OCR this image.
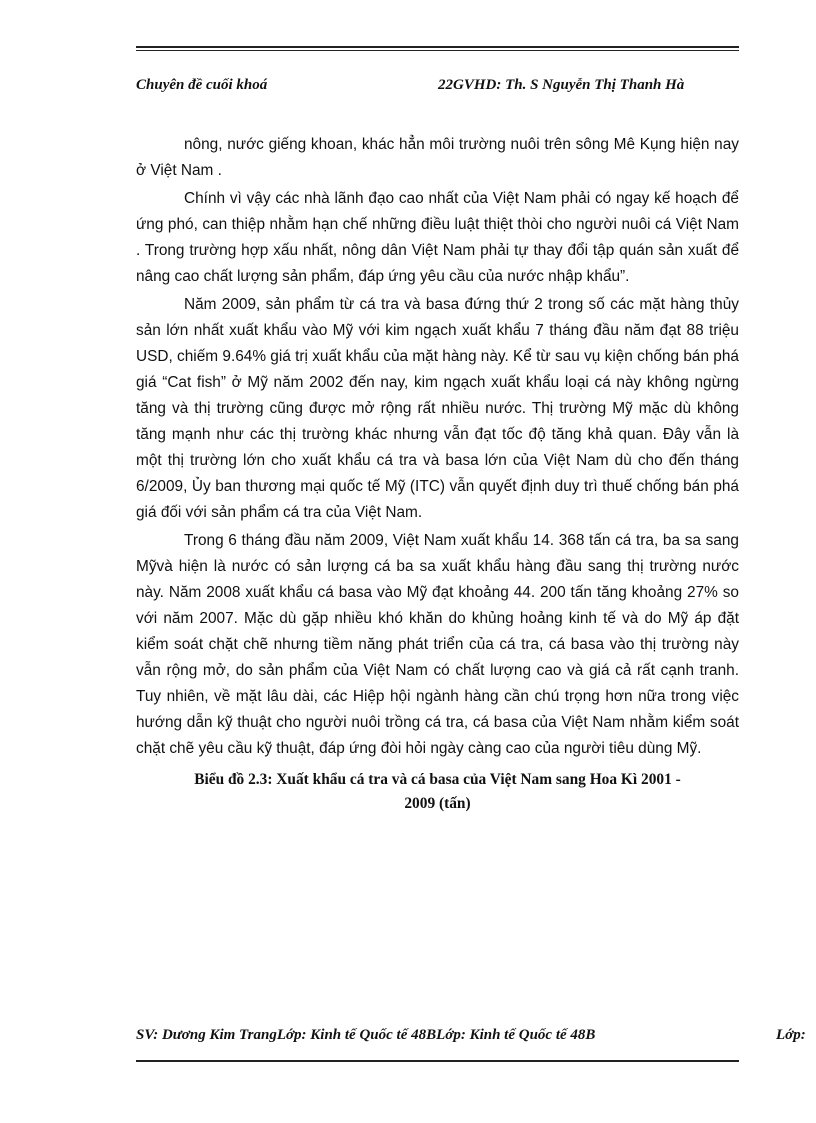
Chuyên đề cuối khoá	22GVHD: Th. S Nguyễn Thị Thanh Hà

nông, nước giếng khoan, khác hẳn môi trường nuôi trên sông Mê Kụng hiện nay ở Việt Nam .

Chính vì vậy các nhà lãnh đạo cao nhất của Việt Nam phải có ngay kế hoạch để ứng phó, can thiệp nhằm hạn chế những điều luật thiệt thòi cho người nuôi cá Việt Nam . Trong trường hợp xấu nhất, nông dân Việt Nam phải tự thay đổi tập quán sản xuất để nâng cao chất lượng sản phẩm, đáp ứng yêu cầu của nước nhập khẩu”.

Năm 2009, sản phẩm từ cá tra và basa đứng thứ 2 trong số các mặt hàng thủy sản lớn nhất xuất khẩu vào Mỹ với kim ngạch xuất khẩu 7 tháng đầu năm đạt 88 triệu USD, chiếm 9.64% giá trị xuất khẩu của mặt hàng này. Kể từ sau vụ kiện chống bán phá giá “Cat fish” ở Mỹ năm 2002 đến nay, kim ngạch xuất khẩu loại cá này không ngừng tăng và thị trường cũng được mở rộng rất nhiều nước. Thị trường Mỹ mặc dù không tăng mạnh như các thị trường khác nhưng vẫn đạt tốc độ tăng khả quan. Đây vẫn là một thị trường lớn cho xuất khẩu cá tra và basa lớn của Việt Nam dù cho đến tháng 6/2009, Ủy ban thương mại quốc tế Mỹ (ITC) vẫn quyết định duy trì thuế chống bán phá giá đối với sản phẩm cá tra của Việt Nam.

Trong 6 tháng đầu năm 2009, Việt Nam xuất khẩu 14. 368 tấn cá tra, ba sa sang Mỹvà hiện là nước có sản lượng cá ba sa xuất khẩu hàng đầu sang thị trường nước này. Năm 2008 xuất khẩu cá basa vào Mỹ đạt khoảng 44. 200 tấn tăng khoảng 27% so với năm 2007. Mặc dù gặp nhiều khó khăn do khủng hoảng kinh tế và do Mỹ áp đặt kiểm soát chặt chẽ nhưng tiềm năng phát triển của cá tra, cá basa vào thị trường này vẫn rộng mở, do sản phẩm của Việt Nam có chất lượng cao và giá cả rất cạnh tranh. Tuy nhiên, về mặt lâu dài, các Hiệp hội ngành hàng cần chú trọng hơn nữa trong việc hướng dẫn kỹ thuật cho người nuôi trồng cá tra, cá basa của Việt Nam nhằm kiểm soát chặt chẽ yêu cầu kỹ thuật, đáp ứng đòi hỏi ngày càng cao của người tiêu dùng Mỹ.

Biểu đồ 2.3: Xuất khẩu cá tra và cá basa của Việt Nam sang Hoa Kì 2001 -
2009 (tấn)
SV: Dương Kim TrangLớp: Kinh tế Quốc tế 48BLớp: Kinh tế Quốc tế 48B	Lớp:
